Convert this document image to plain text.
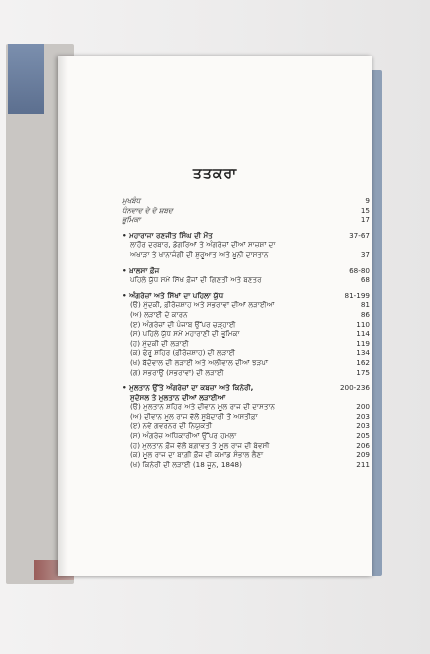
ਤਤਕਰਾ
ਮੁਖਬੰਧ	9
ਧੰਨਵਾਦ ਦੇ ਦੋ ਸ਼ਬਦ	15
ਭੂਮਿਕਾ	17
• ਮਹਾਰਾਜਾ ਰਣਜੀਤ ਸਿੰਘ ਦੀ ਮੌਤ	37-67
ਲਾਹੌਰ ਦਰਬਾਰ, ਡੋਗਰਿਆਂ ਤੇ ਅੰਗਰੇਜ਼ਾਂ ਦੀਆਂ ਸਾਜ਼ਸ਼ਾਂ ਦਾ
ਅਖਾੜਾ ਤੇ ਖਾਨਾਜੰਗੀ ਦੀ ਸ਼ੁਰੂਆਤ ਅਤੇ ਖ਼ੂਨੀ ਦਾਸਤਾਨ	37
• ਖ਼ਾਲਸਾ ਫ਼ੌਜ	68-80
ਪਹਿਲੇ ਯੁੱਧ ਸਮੇਂ ਸਿੱਖ ਫ਼ੌਜਾਂ ਦੀ ਗਿਣਤੀ ਅਤੇ ਬਣਤਰ	68
• ਅੰਗਰੇਜ਼ਾਂ ਅਤੇ ਸਿੱਖਾਂ ਦਾ ਪਹਿਲਾ ਯੁੱਧ	81-199
(ੳ) ਮੁੱਦਕੀ, ਫ਼ੀਰੋਜ਼ਸ਼ਾਹ ਅਤੇ ਸਭਰਾਵਾਂ ਦੀਆਂ ਲੜਾਈਆਂ	81
(ਅ) ਲੜਾਈ ਦੇ ਕਾਰਨ	86
(ੲ) ਅੰਗਰੇਜ਼ਾਂ ਦੀ ਪੰਜਾਬ ਉੱਪਰ ਚੜ੍ਹਾਈ	110
(ਸ) ਪਹਿਲੇ ਯੁੱਧ ਸਮੇਂ ਮਹਾਰਾਣੀ ਦੀ ਭੂਮਿਕਾ	114
(ਹ) ਮੁੱਦਕੀ ਦੀ ਲੜਾਈ	119
(ਕ) ਫੇਰੂ ਸ਼ਹਿਰ (ਫ਼ੀਰੋਜ਼ਸ਼ਾਹ) ਦੀ ਲੜਾਈ	134
(ਖ) ਬੱਦੋਵਾਲ ਦੀ ਲੜਾਈ ਅਤੇ ਅਲੀਵਾਲ ਦੀਆਂ ਝੜਪਾਂ	162
(ਗ) ਸਭਰਾਉਂ (ਸਭਰਾਵਾਂ) ਦੀ ਲੜਾਈ	175
• ਮੁਲਤਾਨ ਉੱਤੇ ਅੰਗਰੇਜ਼ਾਂ ਦਾ ਕਬਜ਼ਾ ਅਤੇ ਕਿਨੇਰੀ,	200-236
ਸੁਦੋਸਲ ਤੇ ਮੁਲਤਾਨ ਦੀਆਂ ਲੜਾਈਆਂ
(ੳ) ਮੁਲਤਾਨ ਸ਼ਹਿਰ ਅਤੇ ਦੀਵਾਨ ਮੂਲ ਰਾਜ ਦੀ ਦਾਸਤਾਨ	200
(ਅ) ਦੀਵਾਨ ਮੂਲ ਰਾਜ ਵੱਲੋਂ ਸੂਬੇਦਾਰੀ ਤੋਂ ਅਸਤੀਫ਼ਾ	203
(ੲ) ਨਵੇਂ ਗਵਰਨਰ ਦੀ ਨਿਯੁਕਤੀ	203
(ਸ) ਅੰਗਰੇਜ਼ ਅਧਿਕਾਰੀਆਂ ਉੱਪਰ ਹਮਲਾ	205
(ਹ) ਮੁਲਤਾਨ ਫ਼ੌਜ ਵੱਲੋਂ ਬਗ਼ਾਵਤ ਤੇ ਮੂਲ ਰਾਜ ਦੀ ਬੇਵਸੀ	206
(ਕ) ਮੂਲ ਰਾਜ ਦਾ ਬਾਗ਼ੀ ਫ਼ੌਜ ਦੀ ਕਮਾਂਡ ਸੰਭਾਲ ਲੈਣਾ	209
(ਖ) ਕਿਨੇਰੀ ਦੀ ਲੜਾਈ (18 ਜੂਨ, 1848)	211
